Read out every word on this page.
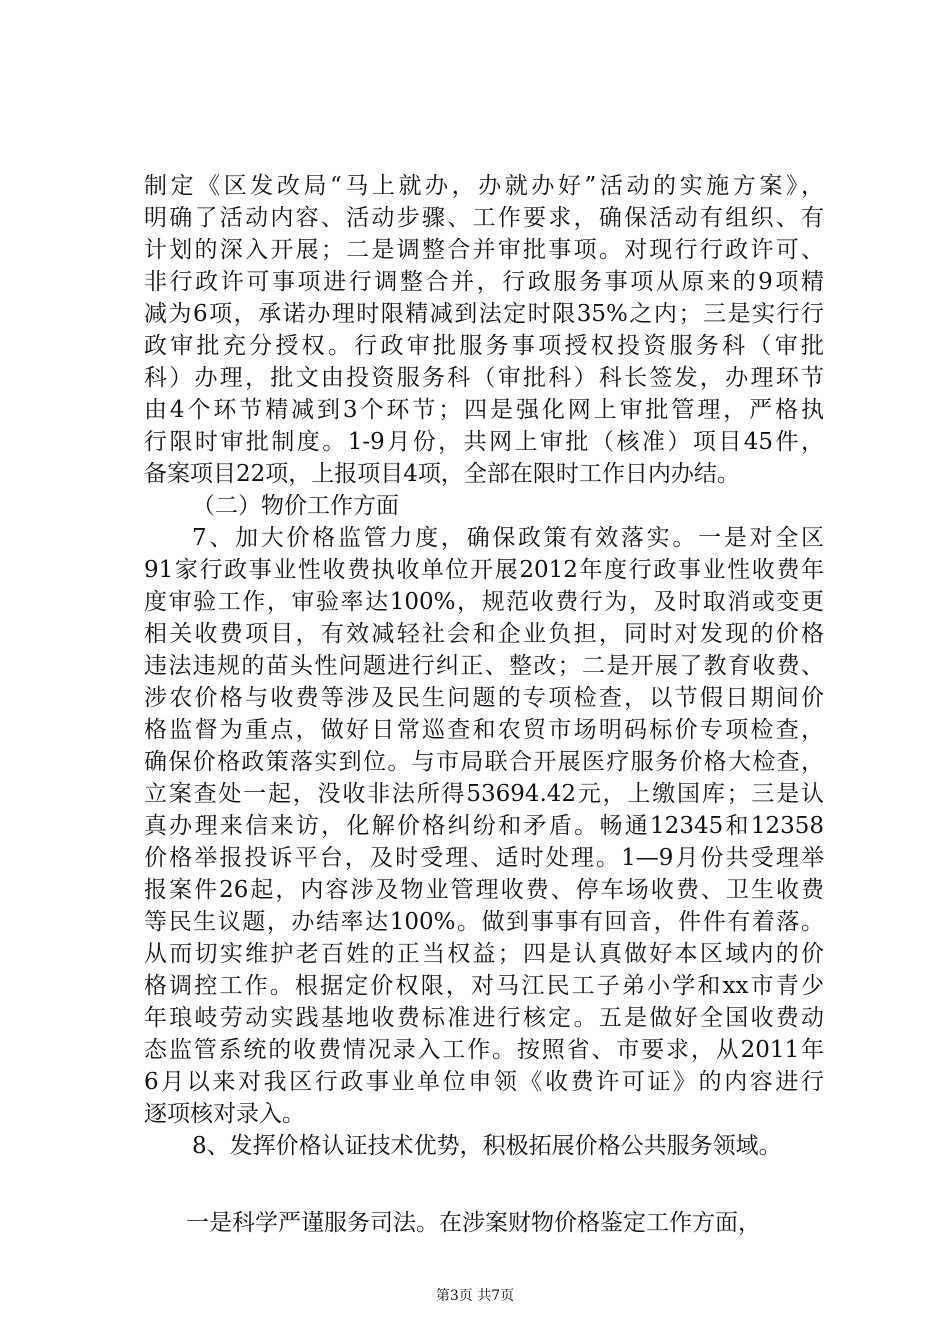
制定《区发改局“马上就办，办就办好”活动的实施方案》，
明确了活动内容、活动步骤、工作要求，确保活动有组织、有
计划的深入开展；二是调整合并审批事项。对现行行政许可、
非行政许可事项进行调整合并，行政服务事项从原来的9项精
减为6项，承诺办理时限精减到法定时限35%之内；三是实行行
政审批充分授权。行政审批服务事项授权投资服务科（审批
科）办理，批文由投资服务科（审批科）科长签发，办理环节
由4个环节精减到3个环节；四是强化网上审批管理，严格执
行限时审批制度。1-9月份，共网上审批（核准）项目45件，
备案项目22项，上报项目4项，全部在限时工作日内办结。
（二）物价工作方面
7、加大价格监管力度，确保政策有效落实。一是对全区
91家行政事业性收费执收单位开展2012年度行政事业性收费年
度审验工作，审验率达100%，规范收费行为，及时取消或变更
相关收费项目，有效减轻社会和企业负担，同时对发现的价格
违法违规的苗头性问题进行纠正、整改；二是开展了教育收费、
涉农价格与收费等涉及民生问题的专项检查，以节假日期间价
格监督为重点，做好日常巡查和农贸市场明码标价专项检查，
确保价格政策落实到位。与市局联合开展医疗服务价格大检查，
立案查处一起，没收非法所得53694.42元，上缴国库；三是认
真办理来信来访，化解价格纠纷和矛盾。畅通12345和12358
价格举报投诉平台，及时受理、适时处理。1—9月份共受理举
报案件26起，内容涉及物业管理收费、停车场收费、卫生收费
等民生议题，办结率达100%。做到事事有回音，件件有着落。
从而切实维护老百姓的正当权益；四是认真做好本区域内的价
格调控工作。根据定价权限，对马江民工子弟小学和xx市青少
年琅岐劳动实践基地收费标准进行核定。五是做好全国收费动
态监管系统的收费情况录入工作。按照省、市要求，从2011年
6月以来对我区行政事业单位申领《收费许可证》的内容进行
逐项核对录入。
8、发挥价格认证技术优势，积极拓展价格公共服务领域。
一是科学严谨服务司法。在涉案财物价格鉴定工作方面，
第3页 共7页
